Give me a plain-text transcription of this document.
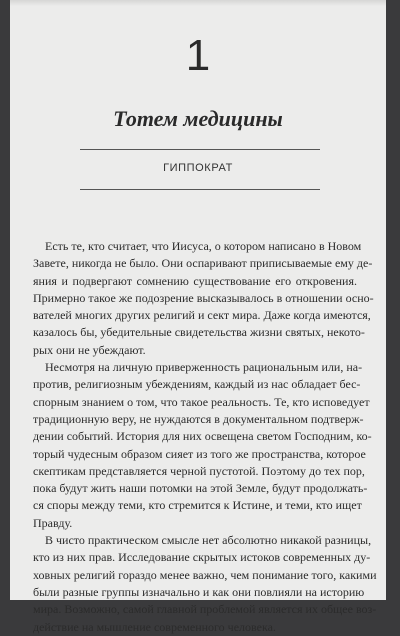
1
Тотем медицины
ГИППОКРАТ
Есть те, кто считает, что Иисуса, о котором написано в Новом
Завете, никогда не было. Они оспаривают приписываемые ему де-
яния и подвергают сомнению существование его откровения.
Примерно такое же подозрение высказывалось в отношении осно-
вателей многих других религий и сект мира. Даже когда имеются,
казалось бы, убедительные свидетельства жизни святых, некото-
рых они не убеждают.
Несмотря на личную приверженность рациональным или, на-
против, религиозным убеждениям, каждый из нас обладает бес-
спорным знанием о том, что такое реальность. Те, кто исповедует
традиционную веру, не нуждаются в документальном подтверж-
дении событий. История для них освещена светом Господним, ко-
торый чудесным образом сияет из того же пространства, которое
скептикам представляется черной пустотой. Поэтому до тех пор,
пока будут жить наши потомки на этой Земле, будут продолжать-
ся споры между теми, кто стремится к Истине, и теми, кто ищет
Правду.
В чисто практическом смысле нет абсолютно никакой разницы,
кто из них прав. Исследование скрытых истоков современных ду-
ховных религий гораздо менее важно, чем понимание того, какими
были разные группы изначально и как они повлияли на историю
мира. Возможно, самой главной проблемой является их общее воз-
действие на мышление современного человека.
